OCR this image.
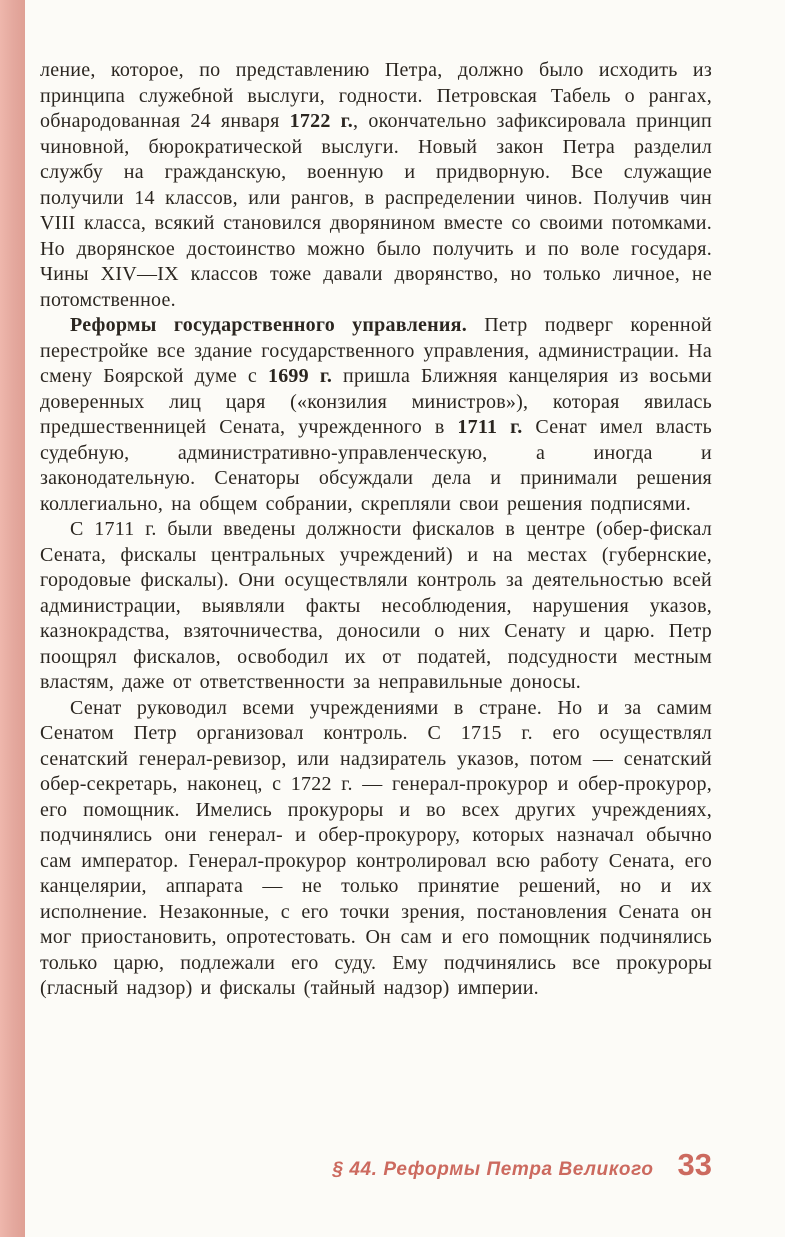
ление, которое, по представлению Петра, должно было исходить из принципа служебной выслуги, годности. Петровская Табель о рангах, обнародованная 24 января 1722 г., окончательно зафиксировала принцип чиновной, бюрократической выслуги. Новый закон Петра разделил службу на гражданскую, военную и придворную. Все служащие получили 14 классов, или рангов, в распределении чинов. Получив чин VIII класса, всякий становился дворянином вместе со своими потомками. Но дворянское достоинство можно было получить и по воле государя. Чины XIV—IX классов тоже давали дворянство, но только личное, не потомственное.

Реформы государственного управления. Петр подверг коренной перестройке все здание государственного управления, администрации. На смену Боярской думе с 1699 г. пришла Ближняя канцелярия из восьми доверенных лиц царя («конзилия министров»), которая явилась предшественницей Сената, учрежденного в 1711 г. Сенат имел власть судебную, административно-управленческую, а иногда и законодательную. Сенаторы обсуждали дела и принимали решения коллегиально, на общем собрании, скрепляли свои решения подписями.

С 1711 г. были введены должности фискалов в центре (обер-фискал Сената, фискалы центральных учреждений) и на местах (губернские, городовые фискалы). Они осуществляли контроль за деятельностью всей администрации, выявляли факты несоблюдения, нарушения указов, казнокрадства, взяточничества, доносили о них Сенату и царю. Петр поощрял фискалов, освободил их от податей, подсудности местным властям, даже от ответственности за неправильные доносы.

Сенат руководил всеми учреждениями в стране. Но и за самим Сенатом Петр организовал контроль. С 1715 г. его осуществлял сенатский генерал-ревизор, или надзиратель указов, потом — сенатский обер-секретарь, наконец, с 1722 г. — генерал-прокурор и обер-прокурор, его помощник. Имелись прокуроры и во всех других учреждениях, подчинялись они генерал- и обер-прокурору, которых назначал обычно сам император. Генерал-прокурор контролировал всю работу Сената, его канцелярии, аппарата — не только принятие решений, но и их исполнение. Незаконные, с его точки зрения, постановления Сената он мог приостановить, опротестовать. Он сам и его помощник подчинялись только царю, подлежали его суду. Ему подчинялись все прокуроры (гласный надзор) и фискалы (тайный надзор) империи.

§ 44. Реформы Петра Великого 33
